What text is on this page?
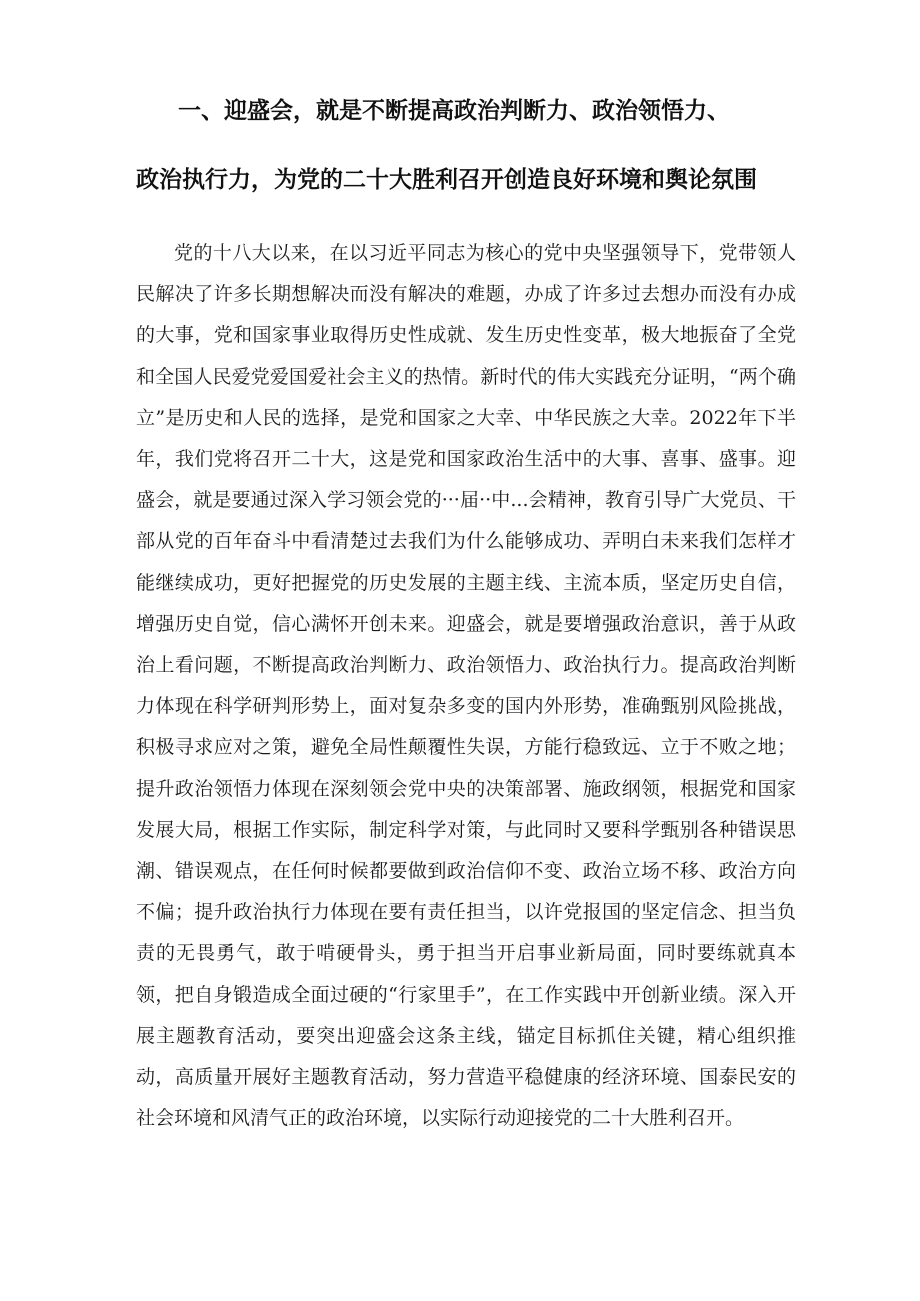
一、迎盛会，就是不断提高政治判断力、政治领悟力、
政治执行力，为党的二十大胜利召开创造良好环境和舆论氛围

党的十八大以来，在以习近平同志为核心的党中央坚强领导下，党带领人民解决了许多长期想解决而没有解决的难题，办成了许多过去想办而没有办成的大事，党和国家事业取得历史性成就、发生历史性变革，极大地振奋了全党和全国人民爱党爱国爱社会主义的热情。新时代的伟大实践充分证明，“两个确立”是历史和人民的选择，是党和国家之大幸、中华民族之大幸。2022年下半年，我们党将召开二十大，这是党和国家政治生活中的大事、喜事、盛事。迎盛会，就是要通过深入学习领会党的···届··中...会精神，教育引导广大党员、干部从党的百年奋斗中看清楚过去我们为什么能够成功、弄明白未来我们怎样才能继续成功，更好把握党的历史发展的主题主线、主流本质，坚定历史自信，增强历史自觉，信心满怀开创未来。迎盛会，就是要增强政治意识，善于从政治上看问题，不断提高政治判断力、政治领悟力、政治执行力。提高政治判断力体现在科学研判形势上，面对复杂多变的国内外形势，准确甄别风险挑战，积极寻求应对之策，避免全局性颠覆性失误，方能行稳致远、立于不败之地；提升政治领悟力体现在深刻领会党中央的决策部署、施政纲领，根据党和国家发展大局，根据工作实际，制定科学对策，与此同时又要科学甄别各种错误思潮、错误观点，在任何时候都要做到政治信仰不变、政治立场不移、政治方向不偏；提升政治执行力体现在要有责任担当，以许党报国的坚定信念、担当负责的无畏勇气，敢于啃硬骨头，勇于担当开启事业新局面，同时要练就真本领，把自身锻造成全面过硬的“行家里手”，在工作实践中开创新业绩。深入开展主题教育活动，要突出迎盛会这条主线，锚定目标抓住关键，精心组织推动，高质量开展好主题教育活动，努力营造平稳健康的经济环境、国泰民安的社会环境和风清气正的政治环境，以实际行动迎接党的二十大胜利召开。
